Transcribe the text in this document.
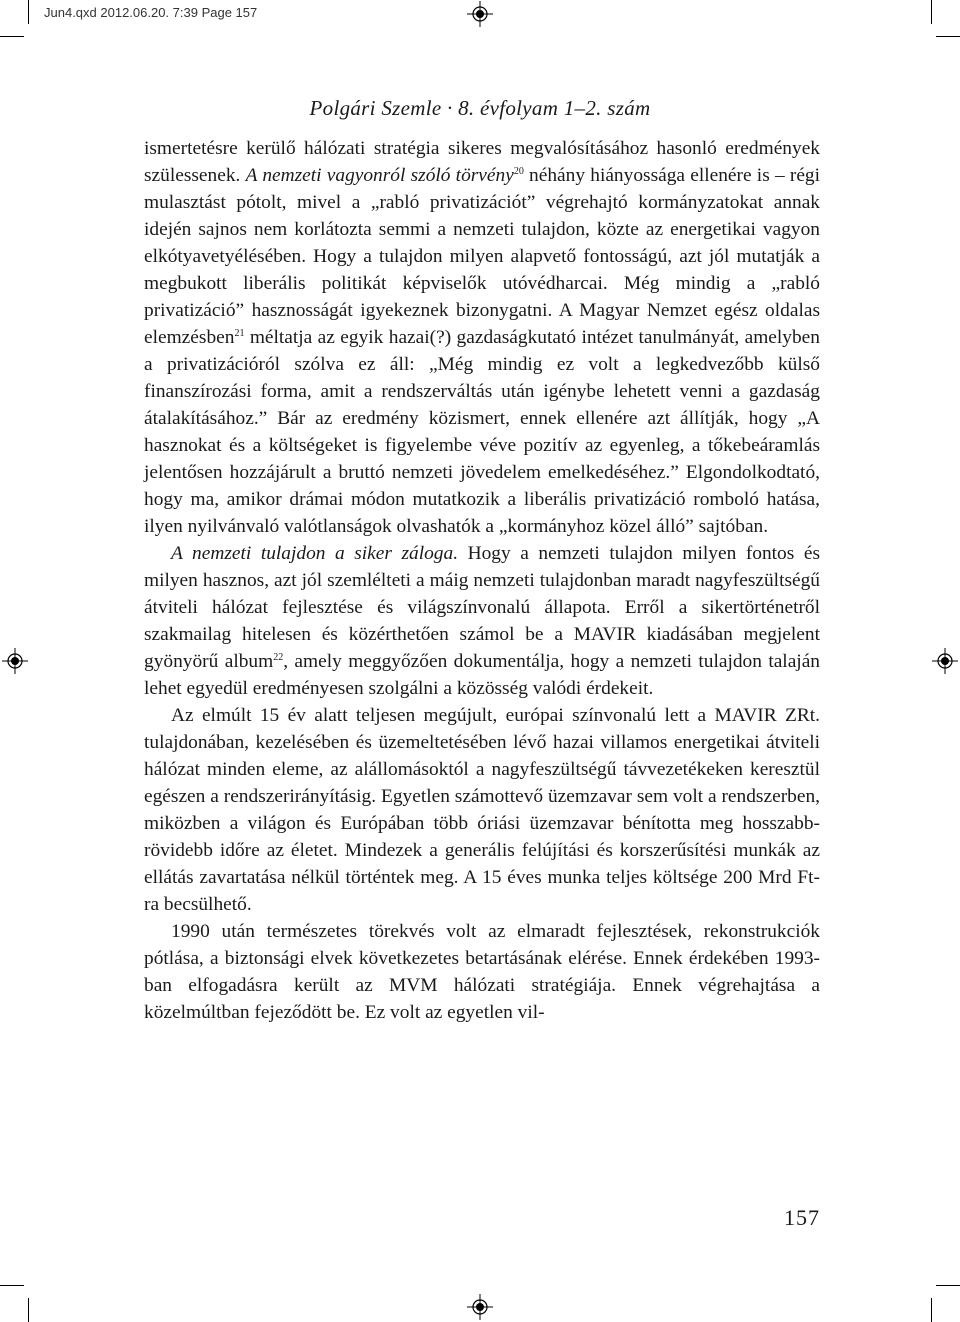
Jun4.qxd 2012.06.20. 7:39 Page 157
Polgári Szemle · 8. évfolyam 1–2. szám

ismertetésre kerülő hálózati stratégia sikeres megvalósításához hasonló eredmények szülessenek. A nemzeti vagyonról szóló törvény$^{20}$ néhány hiányossága ellenére is – régi mulasztást pótolt, mivel a „rabló privatizációt” végrehajtó kormányzatokat annak idején sajnos nem korlátozta semmi a nemzeti tulajdon, közte az energetikai vagyon elkótyavetyélésében. Hogy a tulajdon milyen alapvető fontosságú, azt jól mutatják a megbukott liberális politikát képviselők utóvédharcai. Még mindig a „rabló privatizáció” hasznosságát igyekeznek bizonygatni. A Magyar Nemzet egész oldalas elemzésben$^{21}$ méltatja az egyik hazai(?) gazdaságkutató intézet tanulmányát, amelyben a privatizációról szólva ez áll: „Még mindig ez volt a legkedvezőbb külső finanszírozási forma, amit a rendszerváltás után igénybe lehetett venni a gazdaság átalakításához.” Bár az eredmény közismert, ennek ellenére azt állítják, hogy „A hasznokat és a költségeket is figyelembe véve pozitív az egyenleg, a tőkebeáramlás jelentősen hozzájárult a bruttó nemzeti jövedelem emelkedéséhez.” Elgondolkodtató, hogy ma, amikor drámai módon mutatkozik a liberális privatizáció romboló hatása, ilyen nyilvánvaló valótlanságok olvashatók a „kormányhoz közel álló” sajtóban.

A nemzeti tulajdon a siker záloga. Hogy a nemzeti tulajdon milyen fontos és milyen hasznos, azt jól szemlélteti a máig nemzeti tulajdonban maradt nagyfeszültségű átviteli hálózat fejlesztése és világszínvonalú állapota. Erről a sikertörténetről szakmailag hitelesen és közérthetően számol be a MAVIR kiadásában megjelent gyönyörű album$^{22}$, amely meggyőzően dokumentálja, hogy a nemzeti tulajdon talaján lehet egyedül eredményesen szolgálni a közösség valódi érdekeit.

Az elmúlt 15 év alatt teljesen megújult, európai színvonalú lett a MAVIR ZRt. tulajdonában, kezelésében és üzemeltetésében lévő hazai villamos energetikai átviteli hálózat minden eleme, az alállomásoktól a nagyfeszültségű távvezetékeken keresztül egészen a rendszerirányításig. Egyetlen számottevő üzemzavar sem volt a rendszerben, miközben a világon és Európában több óriási üzemzavar bénította meg hosszabb-rövidebb időre az életet. Mindezek a generális felújítási és korszerűsítési munkák az ellátás zavartatása nélkül történtek meg. A 15 éves munka teljes költsége 200 Mrd Ft-ra becsülhető.

1990 után természetes törekvés volt az elmaradt fejlesztések, rekonstrukciók pótlása, a biztonsági elvek következetes betartásának elérése. Ennek érdekében 1993-ban elfogadásra került az MVM hálózati stratégiája. Ennek végrehajtása a közelmúltban fejeződött be. Ez volt az egyetlen vil-

157
